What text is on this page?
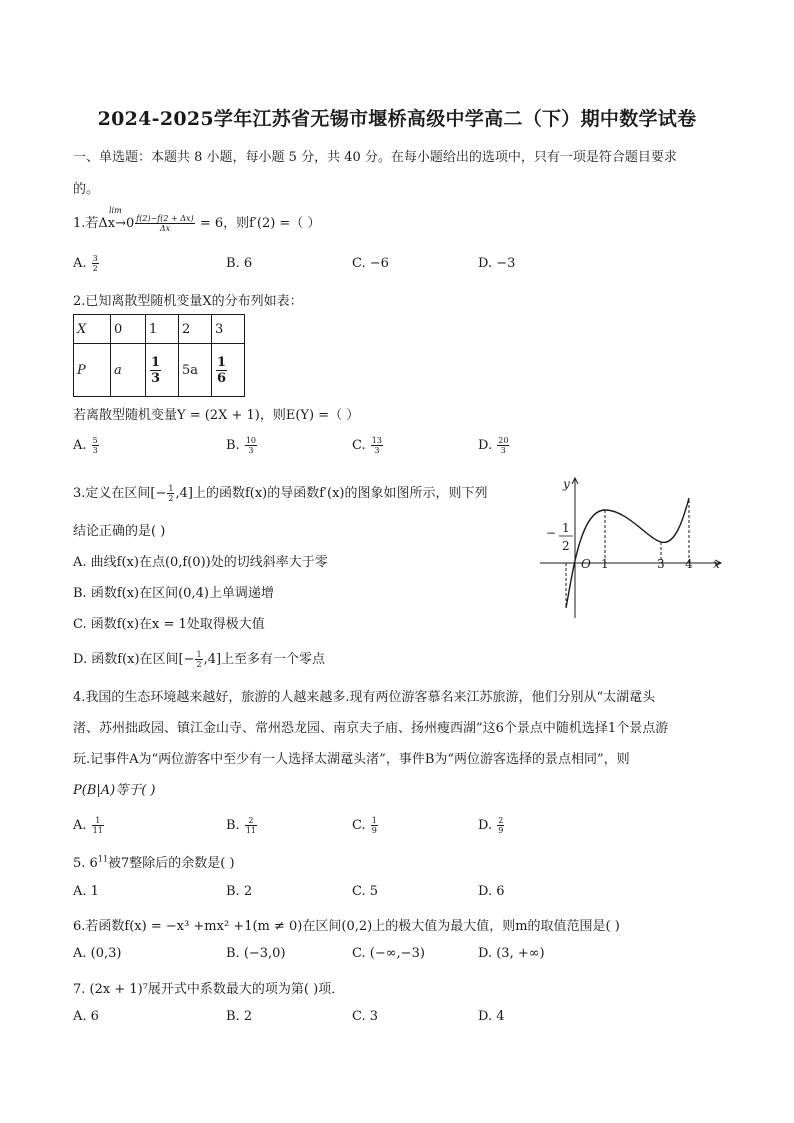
2024-2025学年江苏省无锡市堰桥高级中学高二（下）期中数学试卷
一、单选题：本题共 8 小题，每小题 5 分，共 40 分。在每小题给出的选项中，只有一项是符合题目要求
的。
lim
1.若$\Delta x\to 0 \frac{f(2)-f(2 + \Delta x)}{\Delta x} = 6$，则f′(2) =（ ）
A. $\frac{3}{2}$	B. 6	C. −6	D. −3
2.已知离散型随机变量X的分布列如表：
X	0	1	2	3
P	a	$\frac{1}{3}$	5a	$\frac{1}{6}$
若离散型随机变量Y = (2X + 1)，则E(Y) =（ ）
A. $\frac{5}{3}$	B. $\frac{10}{3}$	C. $\frac{13}{3}$	D. $\frac{20}{3}$
3.定义在区间[− $\frac{1}{2} ,4$]上的函数f(x)的导函数f′(x)的图象如图所示，则下列
结论正确的是( )
A. 曲线f(x)在点(0,f(0))处的切线斜率大于零
B. 函数f(x)在区间(0,4)上单调递增
C. 函数f(x)在x = 1处取得极大值
D. 函数f(x)在区间[− $\frac{1}{2} ,4$]上至多有一个零点
y
x
O 1	3 4
− 1
2
4.我国的生态环境越来越好，旅游的人越来越多.现有两位游客慕名来江苏旅游，他们分别从“太湖鼋头
渚、苏州拙政园、镇江金山寺、常州恐龙园、南京夫子庙、扬州瘦西湖”这6个景点中随机选择1个景点游
玩.记事件A为“两位游客中至少有一人选择太湖鼋头渚”，事件B为“两位游客选择的景点相同”，则
P(B|A)等于( )
A. $\frac{1}{11}$	B. $\frac{2}{11}$	C. $\frac{1}{9}$	D. $\frac{2}{9}$
5. $6^{11}$被7整除后的余数是( )
A. 1	B. 2	C. 5	D. 6
6.若函数f(x) = −x³ +mx² +1(m ≠ 0)在区间(0,2)上的极大值为最大值，则m的取值范围是( )
A. (0,3)	B. (−3,0)	C. (−∞,−3)	D. (3, +∞)
7. (2x + 1)⁷展开式中系数最大的项为第( )项．
A. 6	B. 2	C. 3	D. 4
